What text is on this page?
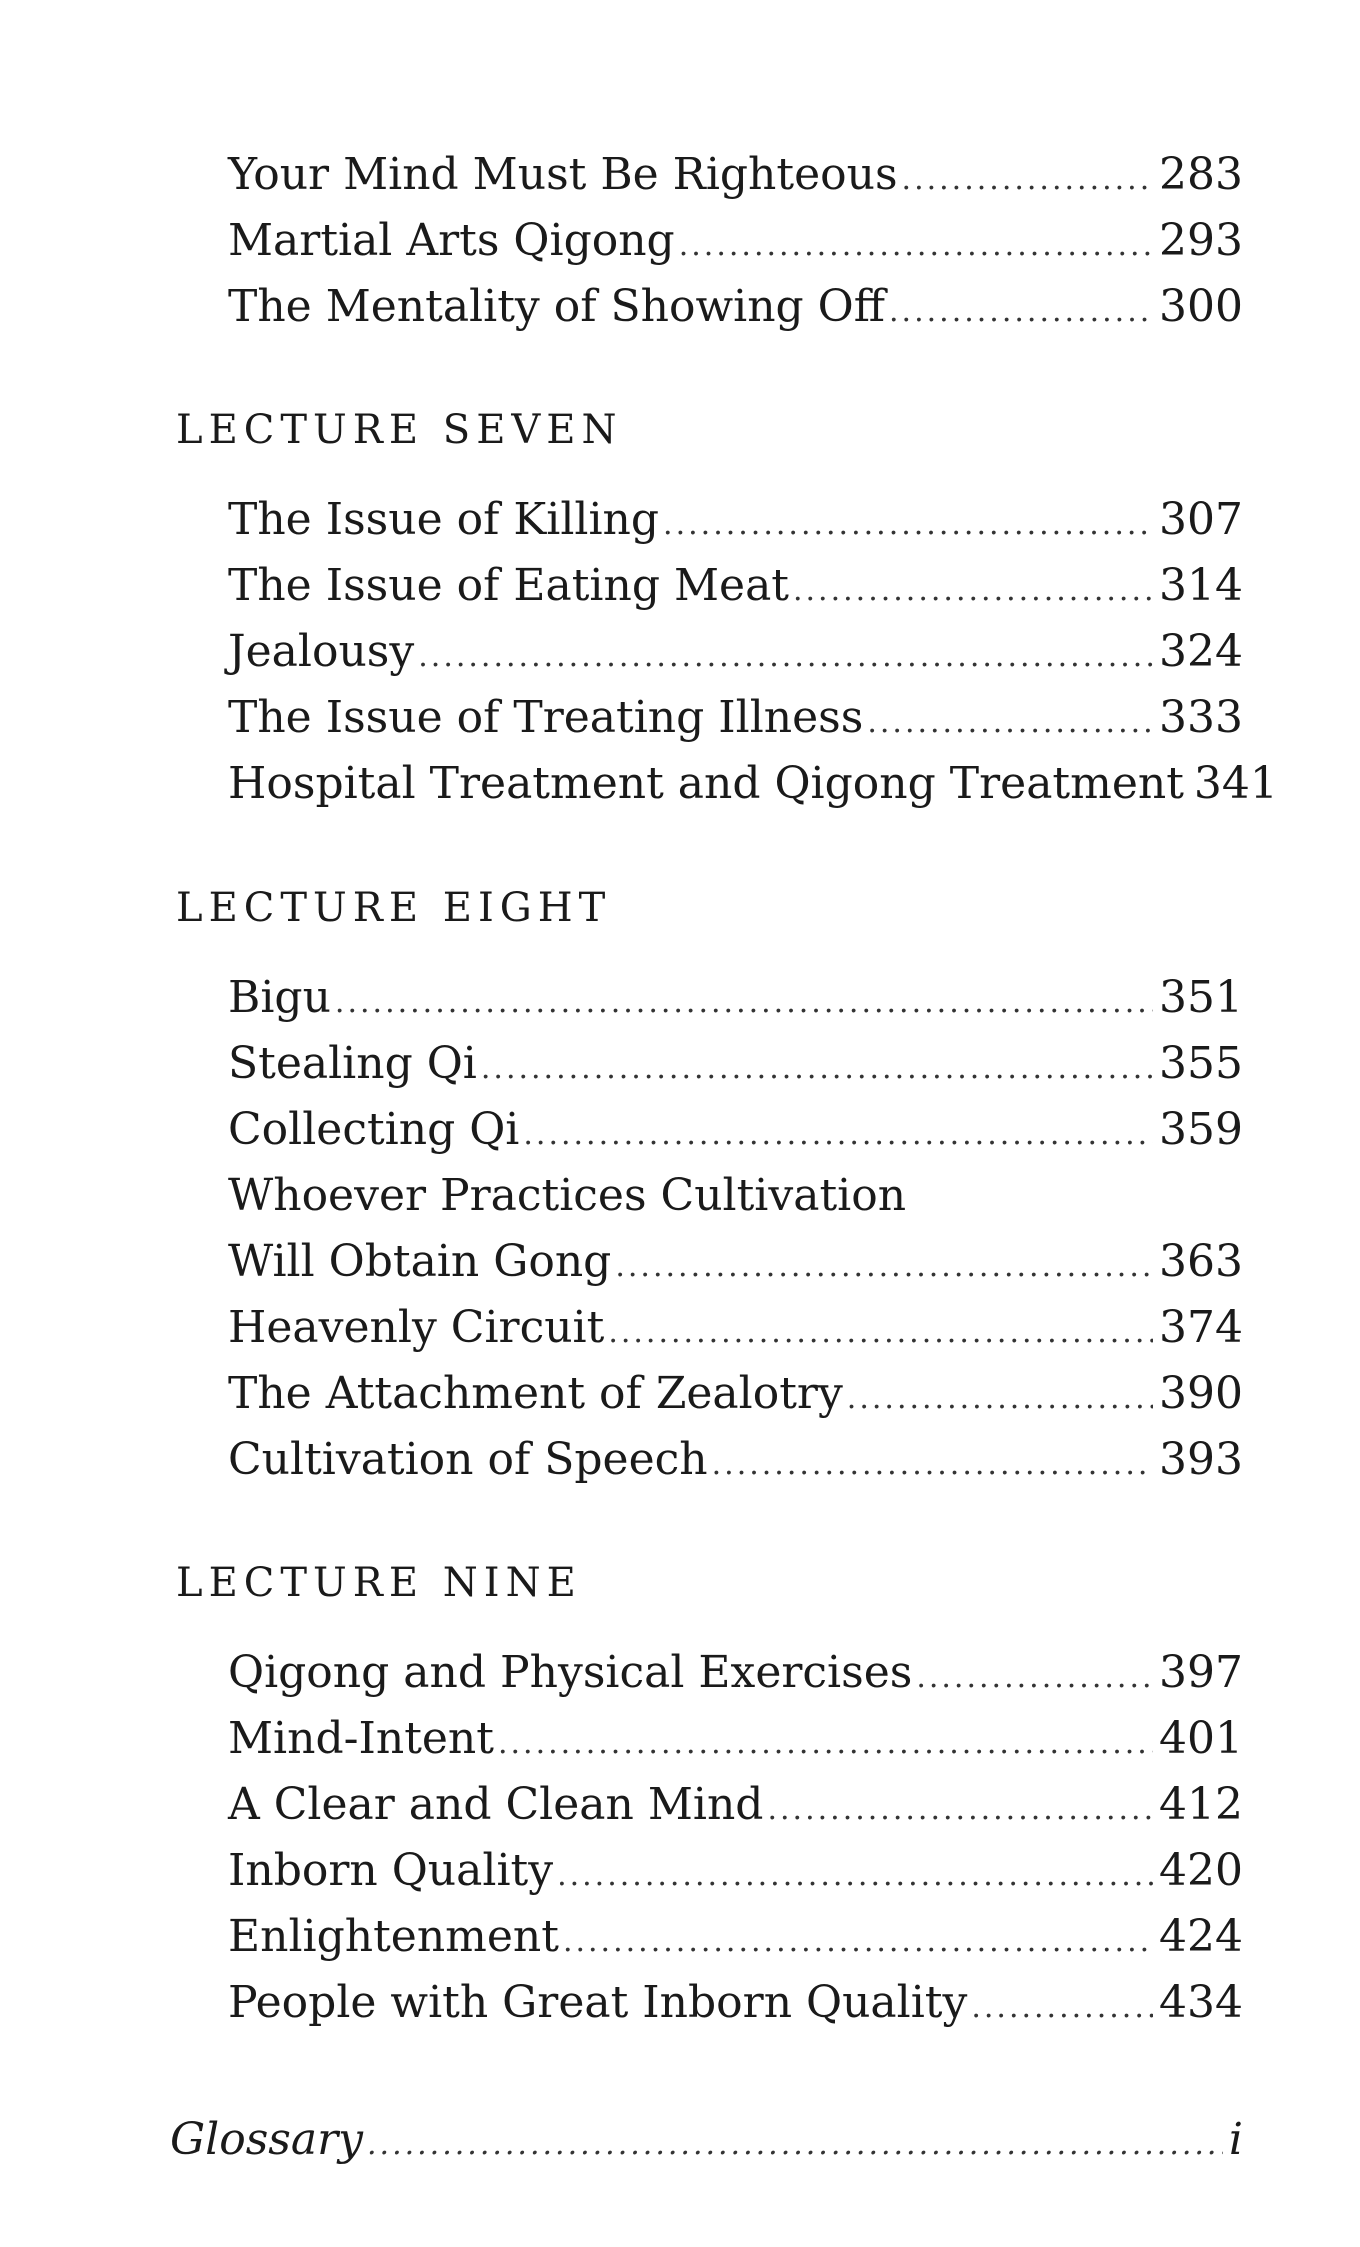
Your Mind Must Be Righteous .....	283
Martial Arts Qigong .....	293
The Mentality of Showing Off .....	300
LECTURE SEVEN
The Issue of Killing .....	307
The Issue of Eating Meat .....	314
Jealousy .....	324
The Issue of Treating Illness .....	333
Hospital Treatment and Qigong Treatment 341
LECTURE EIGHT
Bigu .....	351
Stealing Qi .....	355
Collecting Qi .....	359
Whoever Practices Cultivation
Will Obtain Gong .....	363
Heavenly Circuit .....	374
The Attachment of Zealotry .....	390
Cultivation of Speech .....	393
LECTURE NINE
Qigong and Physical Exercises .....	397
Mind-Intent .....	401
A Clear and Clean Mind .....	412
Inborn Quality .....	420
Enlightenment .....	424
People with Great Inborn Quality .....	434
Glossary .....	i
